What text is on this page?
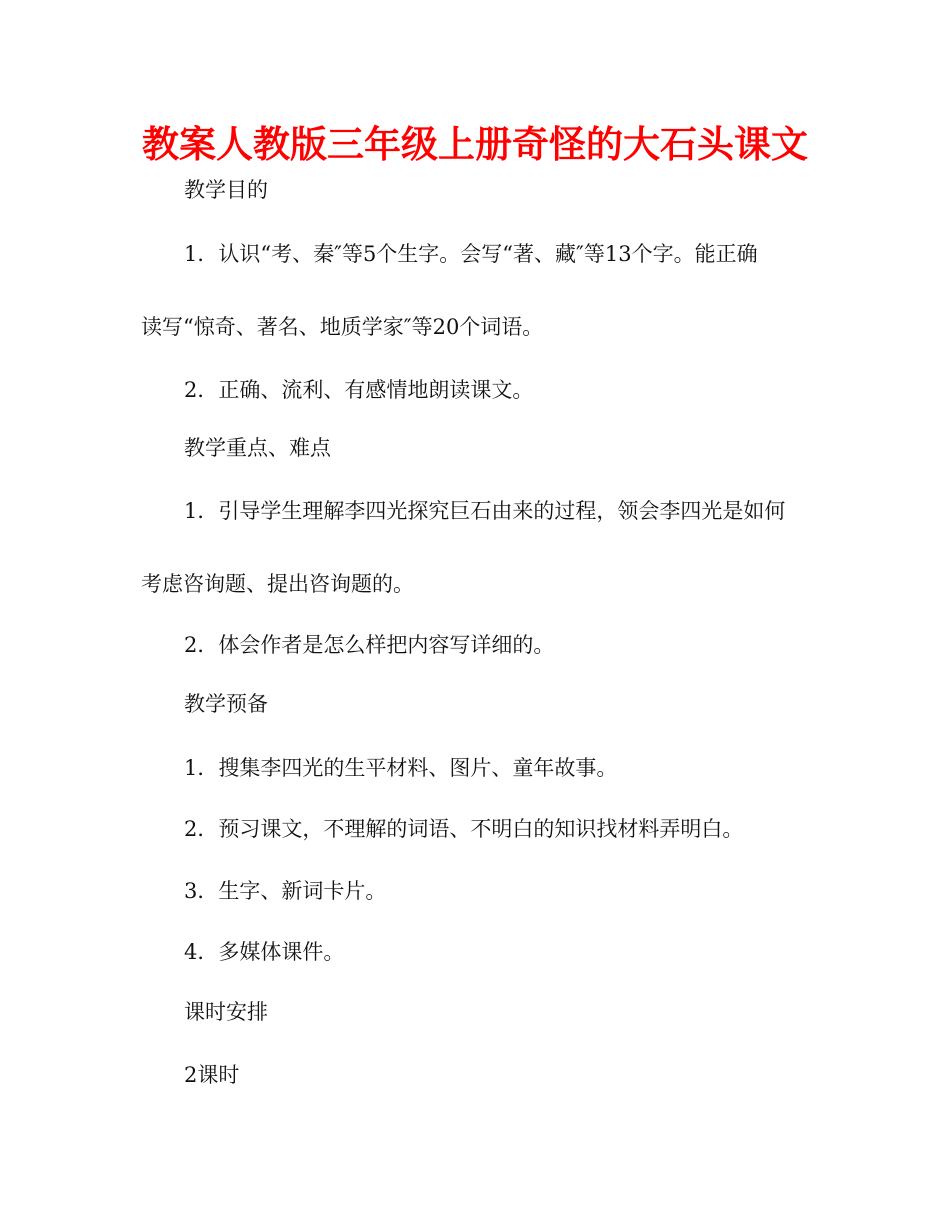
教案人教版三年级上册奇怪的大石头课文

教学目的

1．认识“考、秦″等5个生字。会写“著、藏″等13个字。能正确

读写“惊奇、著名、地质学家″等20个词语。

2．正确、流利、有感情地朗读课文。

教学重点、难点

1．引导学生理解李四光探究巨石由来的过程，领会李四光是如何

考虑咨询题、提出咨询题的。

2．体会作者是怎么样把内容写详细的。

教学预备

1．搜集李四光的生平材料、图片、童年故事。

2．预习课文，不理解的词语、不明白的知识找材料弄明白。

3．生字、新词卡片。

4．多媒体课件。

课时安排

2课时
